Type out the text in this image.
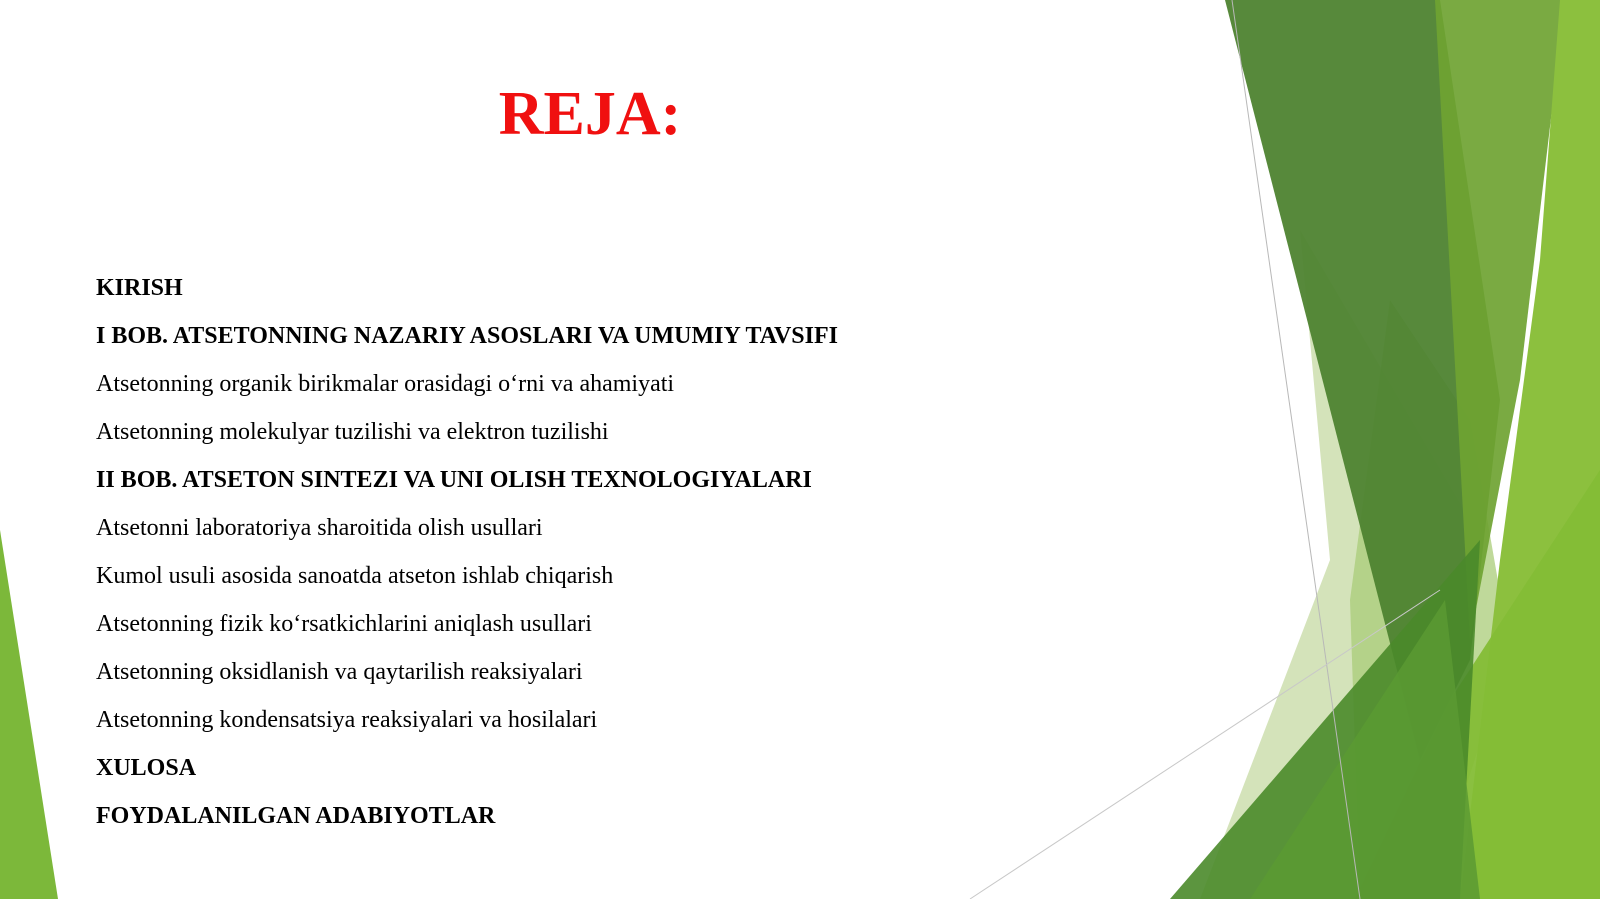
REJA:
KIRISH
I BOB. ATSETONNING NAZARIY ASOSLARI VA UMUMIY TAVSIFI
Atsetonning organik birikmalar orasidagi o‘rni va ahamiyati
Atsetonning molekulyar tuzilishi va elektron tuzilishi
II BOB. ATSETON SINTEZI VA UNI OLISH TEXNOLOGIYALARI
Atsetonni laboratoriya sharoitida olish usullari
Kumol usuli asosida sanoatda atseton ishlab chiqarish
Atsetonning fizik ko‘rsatkichlarini aniqlash usullari
Atsetonning oksidlanish va qaytarilish reaksiyalari
Atsetonning kondensatsiya reaksiyalari va hosilalari
XULOSA
FOYDALANILGAN ADABIYOTLAR
